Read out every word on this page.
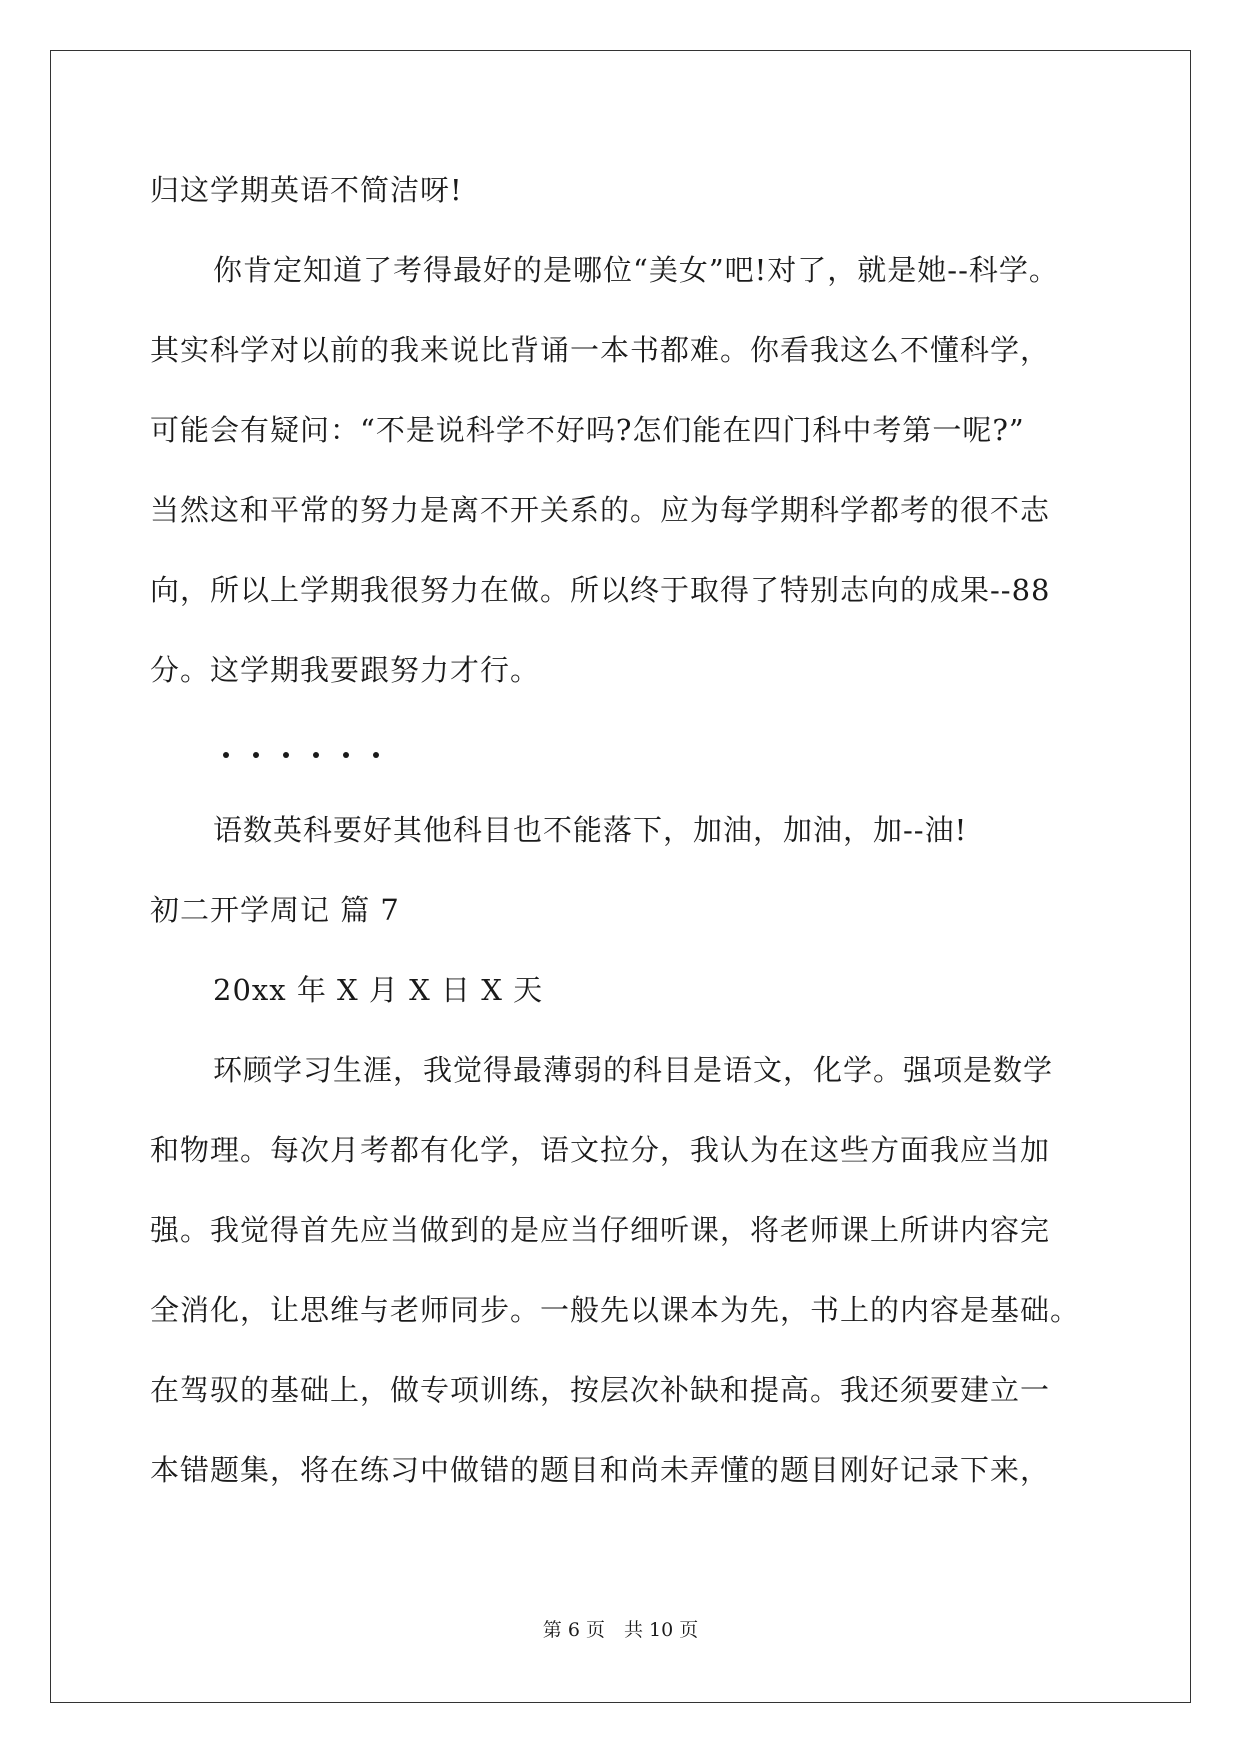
归这学期英语不简洁呀!
你肯定知道了考得最好的是哪位“美女”吧!对了，就是她--科学。
其实科学对以前的我来说比背诵一本书都难。你看我这么不懂科学，
可能会有疑问：“不是说科学不好吗?怎们能在四门科中考第一呢?”
当然这和平常的努力是离不开关系的。应为每学期科学都考的很不志
向，所以上学期我很努力在做。所以终于取得了特别志向的成果--88
分。这学期我要跟努力才行。
语数英科要好其他科目也不能落下，加油，加油，加--油!
初二开学周记 篇 7
20xx 年 X 月 X 日 X 天
环顾学习生涯，我觉得最薄弱的科目是语文，化学。强项是数学
和物理。每次月考都有化学，语文拉分，我认为在这些方面我应当加
强。我觉得首先应当做到的是应当仔细听课，将老师课上所讲内容完
全消化，让思维与老师同步。一般先以课本为先，书上的内容是基础。
在驾驭的基础上，做专项训练，按层次补缺和提高。我还须要建立一
本错题集，将在练习中做错的题目和尚未弄懂的题目刚好记录下来，
第 6 页　共 10 页
